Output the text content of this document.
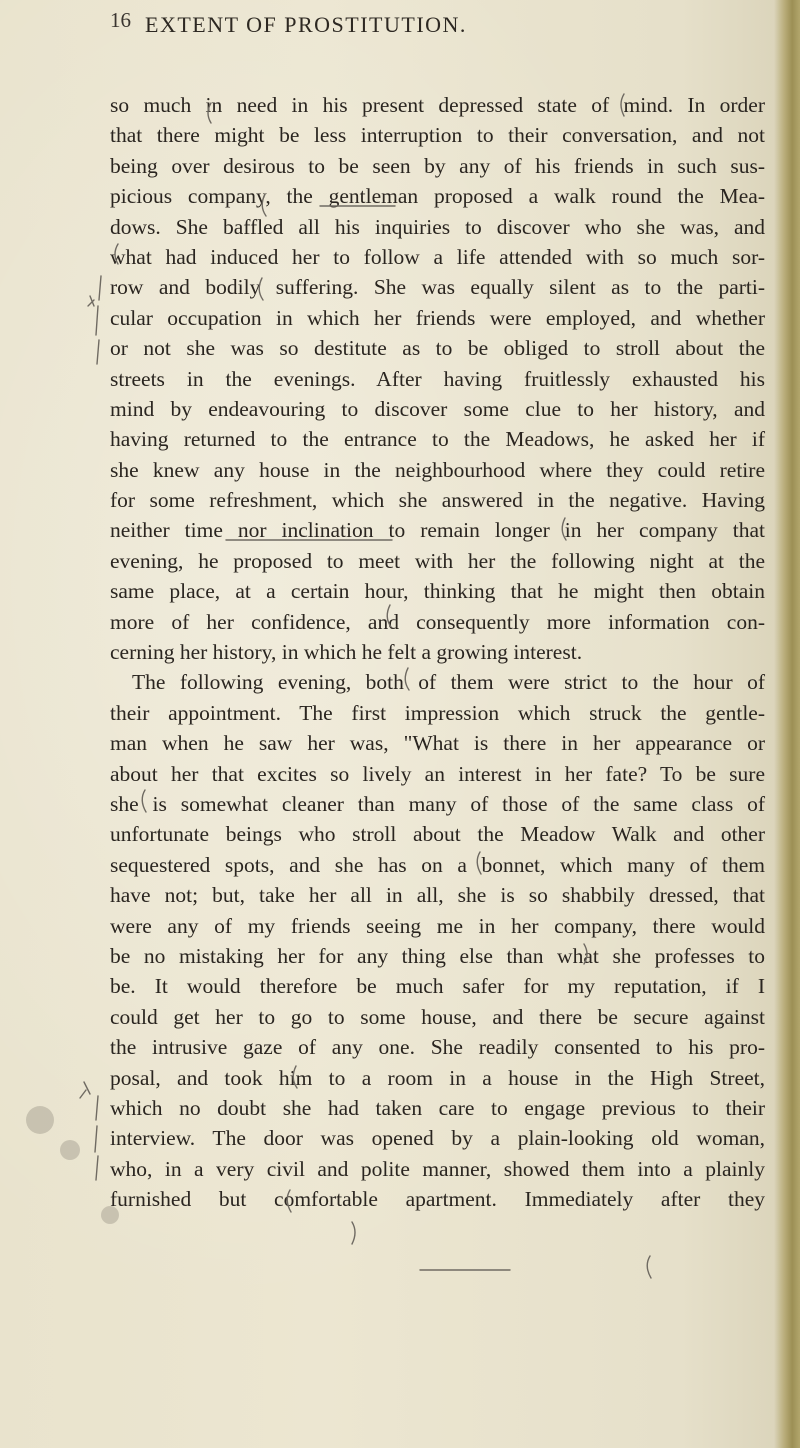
16 EXTENT OF PROSTITUTION.
so much in need in his present depressed state of mind. In order
that there might be less interruption to their conversation, and not
being over desirous to be seen by any of his friends in such sus-
picious company, the gentleman proposed a walk round the Mea-
dows. She baffled all his inquiries to discover who she was, and
what had induced her to follow a life attended with so much sor-
row and bodily suffering. She was equally silent as to the parti-
cular occupation in which her friends were employed, and whether
or not she was so destitute as to be obliged to stroll about the
streets in the evenings. After having fruitlessly exhausted his
mind by endeavouring to discover some clue to her history, and
having returned to the entrance to the Meadows, he asked her if
she knew any house in the neighbourhood where they could retire
for some refreshment, which she answered in the negative. Having
neither time nor inclination to remain longer in her company that
evening, he proposed to meet with her the following night at the
same place, at a certain hour, thinking that he might then obtain
more of her confidence, and consequently more information con-
cerning her history, in which he felt a growing interest.
The following evening, both of them were strict to the hour of
their appointment. The first impression which struck the gentle-
man when he saw her was, "What is there in her appearance or
about her that excites so lively an interest in her fate? To be sure
she is somewhat cleaner than many of those of the same class of
unfortunate beings who stroll about the Meadow Walk and other
sequestered spots, and she has on a bonnet, which many of them
have not; but, take her all in all, she is so shabbily dressed, that
were any of my friends seeing me in her company, there would
be no mistaking her for any thing else than what she professes to
be. It would therefore be much safer for my reputation, if I
could get her to go to some house, and there be secure against
the intrusive gaze of any one. She readily consented to his pro-
posal, and took him to a room in a house in the High Street,
which no doubt she had taken care to engage previous to their
interview. The door was opened by a plain-looking old woman,
who, in a very civil and polite manner, showed them into a plainly
furnished but comfortable apartment. Immediately after they
